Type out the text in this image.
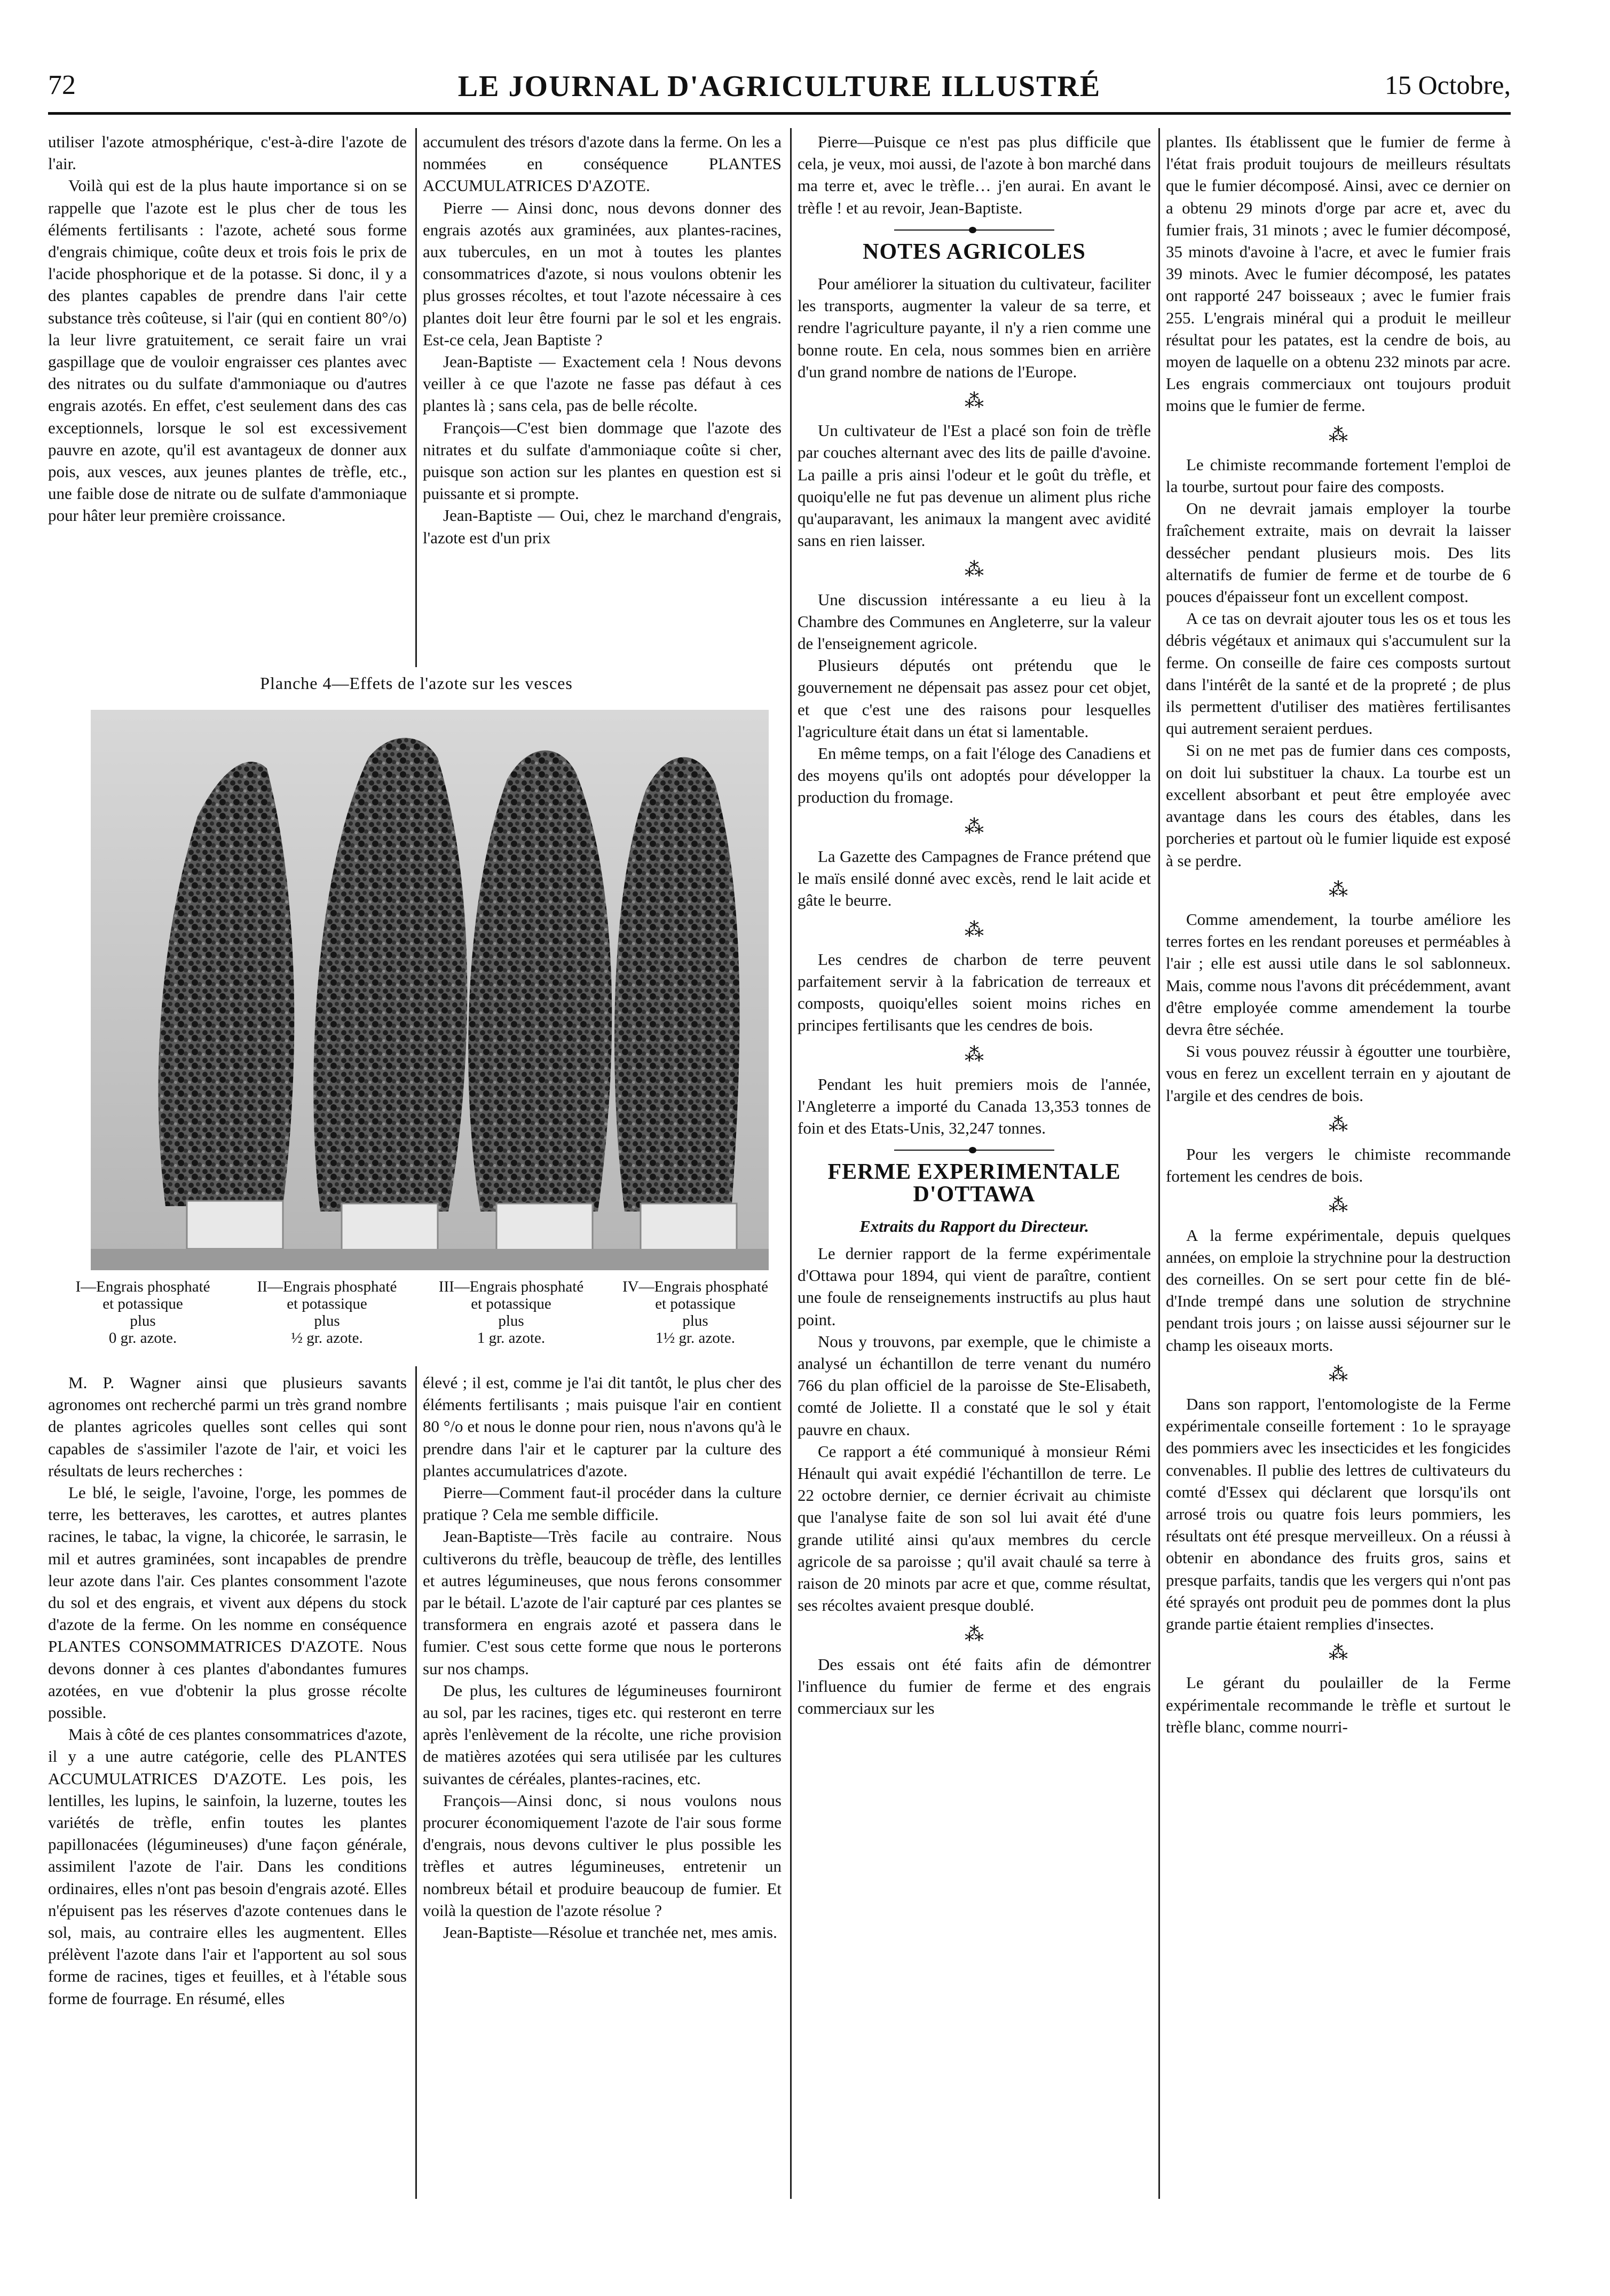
72	LE JOURNAL D'AGRICULTURE ILLUSTRÉ	15 Octobre,

utiliser l'azote atmosphérique, c'est-à-dire l'azote de l'air.

Voilà qui est de la plus haute importance si on se rappelle que l'azote est le plus cher de tous les éléments fertilisants : l'azote, acheté sous forme d'engrais chimique, coûte deux et trois fois le prix de l'acide phosphorique et de la potasse. Si donc, il y a des plantes capables de prendre dans l'air cette substance très coûteuse, si l'air (qui en contient 80°/o) la leur livre gratuitement, ce serait faire un vrai gaspillage que de vouloir engraisser ces plantes avec des nitrates ou du sulfate d'ammoniaque ou d'autres engrais azotés. En effet, c'est seulement dans des cas exceptionnels, lorsque le sol est excessivement pauvre en azote, qu'il est avantageux de donner aux pois, aux vesces, aux jeunes plantes de trèfle, etc., une faible dose de nitrate ou de sulfate d'ammoniaque pour hâter leur première croissance.

accumulent des trésors d'azote dans la ferme. On les a nommées en conséquence PLANTES ACCUMULATRICES D'AZOTE.

Pierre — Ainsi donc, nous devons donner des engrais azotés aux graminées, aux plantes-racines, aux tubercules, en un mot à toutes les plantes consommatrices d'azote, si nous voulons obtenir les plus grosses récoltes, et tout l'azote nécessaire à ces plantes doit leur être fourni par le sol et les engrais. Est-ce cela, Jean Baptiste ?

Jean-Baptiste — Exactement cela ! Nous devons veiller à ce que l'azote ne fasse pas défaut à ces plantes là ; sans cela, pas de belle récolte.

François—C'est bien dommage que l'azote des nitrates et du sulfate d'ammoniaque coûte si cher, puisque son action sur les plantes en question est si puissante et si prompte.

Jean-Baptiste — Oui, chez le marchand d'engrais, l'azote est d'un prix

Planche 4—Effets de l'azote sur les vesces
I—Engrais phosphaté
et potassique
plus
0 gr. azote.
II—Engrais phosphaté
et potassique
plus
½ gr. azote.
III—Engrais phosphaté
et potassique
plus
1 gr. azote.
IV—Engrais phosphaté
et potassique
plus
1½ gr. azote.

M. P. Wagner ainsi que plusieurs savants agronomes ont recherché parmi un très grand nombre de plantes agricoles quelles sont celles qui sont capables de s'assimiler l'azote de l'air, et voici les résultats de leurs recherches :

Le blé, le seigle, l'avoine, l'orge, les pommes de terre, les betteraves, les carottes, et autres plantes racines, le tabac, la vigne, la chicorée, le sarrasin, le mil et autres graminées, sont incapables de prendre leur azote dans l'air. Ces plantes consomment l'azote du sol et des engrais, et vivent aux dépens du stock d'azote de la ferme. On les nomme en conséquence PLANTES CONSOMMATRICES D'AZOTE. Nous devons donner à ces plantes d'abondantes fumures azotées, en vue d'obtenir la plus grosse récolte possible.

Mais à côté de ces plantes consommatrices d'azote, il y a une autre catégorie, celle des PLANTES ACCUMULATRICES D'AZOTE. Les pois, les lentilles, les lupins, le sainfoin, la luzerne, toutes les variétés de trèfle, enfin toutes les plantes papillonacées (légumineuses) d'une façon générale, assimilent l'azote de l'air. Dans les conditions ordinaires, elles n'ont pas besoin d'engrais azoté. Elles n'épuisent pas les réserves d'azote contenues dans le sol, mais, au contraire elles les augmentent. Elles prélèvent l'azote dans l'air et l'apportent au sol sous forme de racines, tiges et feuilles, et à l'étable sous forme de fourrage. En résumé, elles

élevé ; il est, comme je l'ai dit tantôt, le plus cher des éléments fertilisants ; mais puisque l'air en contient 80 °/o et nous le donne pour rien, nous n'avons qu'à le prendre dans l'air et le capturer par la culture des plantes accumulatrices d'azote.

Pierre—Comment faut-il procéder dans la culture pratique ? Cela me semble difficile.

Jean-Baptiste—Très facile au contraire. Nous cultiverons du trèfle, beaucoup de trèfle, des lentilles et autres légumineuses, que nous ferons consommer par le bétail. L'azote de l'air capturé par ces plantes se transformera en engrais azoté et passera dans le fumier. C'est sous cette forme que nous le porterons sur nos champs.

De plus, les cultures de légumineuses fourniront au sol, par les racines, tiges etc. qui resteront en terre après l'enlèvement de la récolte, une riche provision de matières azotées qui sera utilisée par les cultures suivantes de céréales, plantes-racines, etc.

François—Ainsi donc, si nous voulons nous procurer économiquement l'azote de l'air sous forme d'engrais, nous devons cultiver le plus possible les trèfles et autres légumineuses, entretenir un nombreux bétail et produire beaucoup de fumier. Et voilà la question de l'azote résolue ?

Jean-Baptiste—Résolue et tranchée net, mes amis.

Pierre—Puisque ce n'est pas plus difficile que cela, je veux, moi aussi, de l'azote à bon marché dans ma terre et, avec le trèfle… j'en aurai. En avant le trèfle ! et au revoir, Jean-Baptiste.

NOTES AGRICOLES

Pour améliorer la situation du cultivateur, faciliter les transports, augmenter la valeur de sa terre, et rendre l'agriculture payante, il n'y a rien comme une bonne route. En cela, nous sommes bien en arrière d'un grand nombre de nations de l'Europe.

⁂

Un cultivateur de l'Est a placé son foin de trèfle par couches alternant avec des lits de paille d'avoine. La paille a pris ainsi l'odeur et le goût du trèfle, et quoiqu'elle ne fut pas devenue un aliment plus riche qu'auparavant, les animaux la mangent avec avidité sans en rien laisser.

⁂

Une discussion intéressante a eu lieu à la Chambre des Communes en Angleterre, sur la valeur de l'enseignement agricole.

Plusieurs députés ont prétendu que le gouvernement ne dépensait pas assez pour cet objet, et que c'est une des raisons pour lesquelles l'agriculture était dans un état si lamentable.

En même temps, on a fait l'éloge des Canadiens et des moyens qu'ils ont adoptés pour développer la production du fromage.

⁂

La Gazette des Campagnes de France prétend que le maïs ensilé donné avec excès, rend le lait acide et gâte le beurre.

⁂

Les cendres de charbon de terre peuvent parfaitement servir à la fabrication de terreaux et composts, quoiqu'elles soient moins riches en principes fertilisants que les cendres de bois.

⁂

Pendant les huit premiers mois de l'année, l'Angleterre a importé du Canada 13,353 tonnes de foin et des Etats-Unis, 32,247 tonnes.

FERME EXPERIMENTALE
D'OTTAWA
Extraits du Rapport du Directeur.

Le dernier rapport de la ferme expérimentale d'Ottawa pour 1894, qui vient de paraître, contient une foule de renseignements instructifs au plus haut point.

Nous y trouvons, par exemple, que le chimiste a analysé un échantillon de terre venant du numéro 766 du plan officiel de la paroisse de Ste-Elisabeth, comté de Joliette. Il a constaté que le sol y était pauvre en chaux.

Ce rapport a été communiqué à monsieur Rémi Hénault qui avait expédié l'échantillon de terre. Le 22 octobre dernier, ce dernier écrivait au chimiste que l'analyse faite de son sol lui avait été d'une grande utilité ainsi qu'aux membres du cercle agricole de sa paroisse ; qu'il avait chaulé sa terre à raison de 20 minots par acre et que, comme résultat, ses récoltes avaient presque doublé.

⁂

Des essais ont été faits afin de démontrer l'influence du fumier de ferme et des engrais commerciaux sur les

plantes. Ils établissent que le fumier de ferme à l'état frais produit toujours de meilleurs résultats que le fumier décomposé. Ainsi, avec ce dernier on a obtenu 29 minots d'orge par acre et, avec du fumier frais, 31 minots ; avec le fumier décomposé, 35 minots d'avoine à l'acre, et avec le fumier frais 39 minots. Avec le fumier décomposé, les patates ont rapporté 247 boisseaux ; avec le fumier frais 255. L'engrais minéral qui a produit le meilleur résultat pour les patates, est la cendre de bois, au moyen de laquelle on a obtenu 232 minots par acre. Les engrais commerciaux ont toujours produit moins que le fumier de ferme.

⁂

Le chimiste recommande fortement l'emploi de la tourbe, surtout pour faire des composts.

On ne devrait jamais employer la tourbe fraîchement extraite, mais on devrait la laisser dessécher pendant plusieurs mois. Des lits alternatifs de fumier de ferme et de tourbe de 6 pouces d'épaisseur font un excellent compost.

A ce tas on devrait ajouter tous les os et tous les débris végétaux et animaux qui s'accumulent sur la ferme. On conseille de faire ces composts surtout dans l'intérêt de la santé et de la propreté ; de plus ils permettent d'utiliser des matières fertilisantes qui autrement seraient perdues.

Si on ne met pas de fumier dans ces composts, on doit lui substituer la chaux. La tourbe est un excellent absorbant et peut être employée avec avantage dans les cours des étables, dans les porcheries et partout où le fumier liquide est exposé à se perdre.

⁂

Comme amendement, la tourbe améliore les terres fortes en les rendant poreuses et perméables à l'air ; elle est aussi utile dans le sol sablonneux. Mais, comme nous l'avons dit précédemment, avant d'être employée comme amendement la tourbe devra être séchée.

Si vous pouvez réussir à égoutter une tourbière, vous en ferez un excellent terrain en y ajoutant de l'argile et des cendres de bois.

⁂

Pour les vergers le chimiste recommande fortement les cendres de bois.

⁂

A la ferme expérimentale, depuis quelques années, on emploie la strychnine pour la destruction des corneilles. On se sert pour cette fin de blé-d'Inde trempé dans une solution de strychnine pendant trois jours ; on laisse aussi séjourner sur le champ les oiseaux morts.

⁂

Dans son rapport, l'entomologiste de la Ferme expérimentale conseille fortement : 1o le sprayage des pommiers avec les insecticides et les fongicides convenables. Il publie des lettres de cultivateurs du comté d'Essex qui déclarent que lorsqu'ils ont arrosé trois ou quatre fois leurs pommiers, les résultats ont été presque merveilleux. On a réussi à obtenir en abondance des fruits gros, sains et presque parfaits, tandis que les vergers qui n'ont pas été sprayés ont produit peu de pommes dont la plus grande partie étaient remplies d'insectes.

⁂

Le gérant du poulailler de la Ferme expérimentale recommande le trèfle et surtout le trèfle blanc, comme nourri-
